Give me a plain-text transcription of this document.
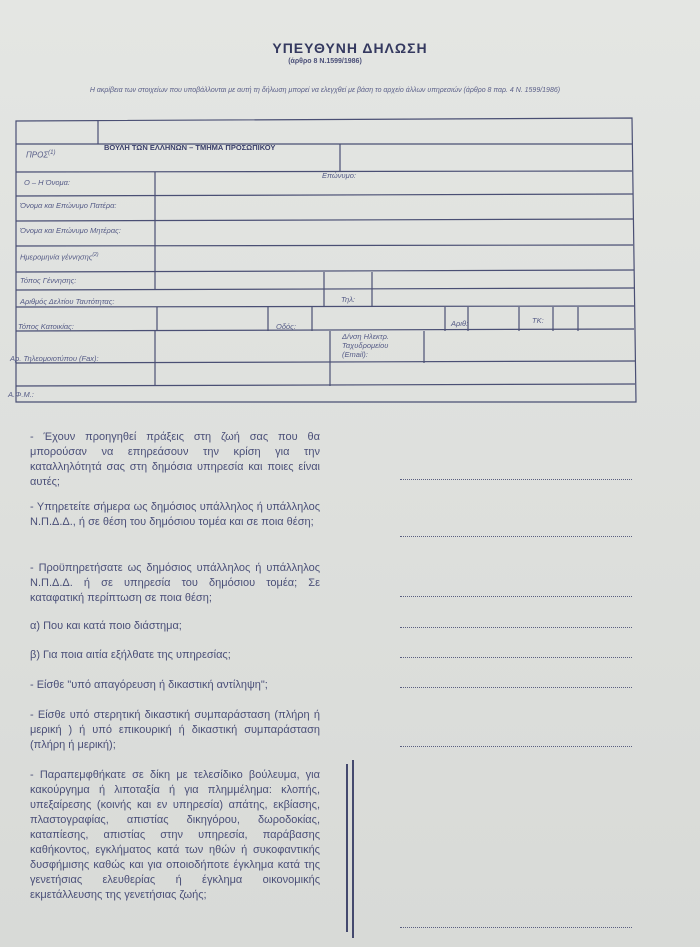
ΥΠΕΥΘΥΝΗ ΔΗΛΩΣΗ
(άρθρο 8 Ν.1599/1986)
Η ακρίβεια των στοιχείων που υποβάλλονται με αυτή τη δήλωση μπορεί να ελεγχθεί με βάση το αρχείο άλλων υπηρεσιών (άρθρο 8 παρ. 4 Ν. 1599/1986)
ΠΡΟΣ$^{(1)}$
ΒΟΥΛΗ ΤΩΝ ΕΛΛΗΝΩΝ – ΤΜΗΜΑ ΠΡΟΣΩΠΙΚΟΥ
Ο – Η Όνομα:
Επώνυμο:
Όνομα και Επώνυμο Πατέρα:
Όνομα και Επώνυμο Μητέρας:
Ημερομηνία γέννησης$^{(2)}$
Τόπος Γέννησης:
Αριθμός Δελτίου Ταυτότητας:	Τηλ:
Τόπος Κατοικίας:	Οδός:	Αριθ:	ΤΚ:
Δ/νση Ηλεκτρ.
Ταχυδρομείου
(Εmail):
Αρ. Τηλεομοιοτύπου (Fax):
Α.Φ.Μ.:
- Έχουν προηγηθεί πράξεις στη ζωή σας που θα μπορούσαν να επηρεάσουν την κρίση για την καταλληλότητά σας στη δημόσια υπηρεσία και ποιες είναι αυτές;
- Υπηρετείτε σήμερα ως δημόσιος υπάλληλος ή υπάλληλος Ν.Π.Δ.Δ., ή σε θέση του δημόσιου τομέα και σε ποια θέση;
- Προϋπηρετήσατε ως δημόσιος υπάλληλος ή υπάλληλος Ν.Π.Δ.Δ. ή σε υπηρεσία του δημόσιου τομέα; Σε καταφατική περίπτωση σε ποια θέση;
α) Που και κατά ποιο διάστημα;
β) Για ποια αιτία εξήλθατε της υπηρεσίας;
- Είσθε "υπό απαγόρευση ή δικαστική αντίληψη";
- Είσθε υπό στερητική δικαστική συμπαράσταση (πλήρη ή μερική ) ή υπό επικουρική ή δικαστική συμπαράσταση (πλήρη ή μερική);
- Παραπεμφθήκατε σε δίκη με τελεσίδικο βούλευμα, για κακούργημα ή λιποταξία ή για πλημμέλημα: κλοπής, υπεξαίρεσης (κοινής και εν υπηρεσία) απάτης, εκβίασης, πλαστογραφίας, απιστίας δικηγόρου, δωροδοκίας, καταπίεσης, απιστίας στην υπηρεσία, παράβασης καθήκοντος, εγκλήματος κατά των ηθών ή συκοφαντικής δυσφήμισης καθώς και για οποιοδήποτε έγκλημα κατά της γενετήσιας ελευθερίας ή έγκλημα οικονομικής εκμετάλλευσης της γενετήσιας ζωής;
